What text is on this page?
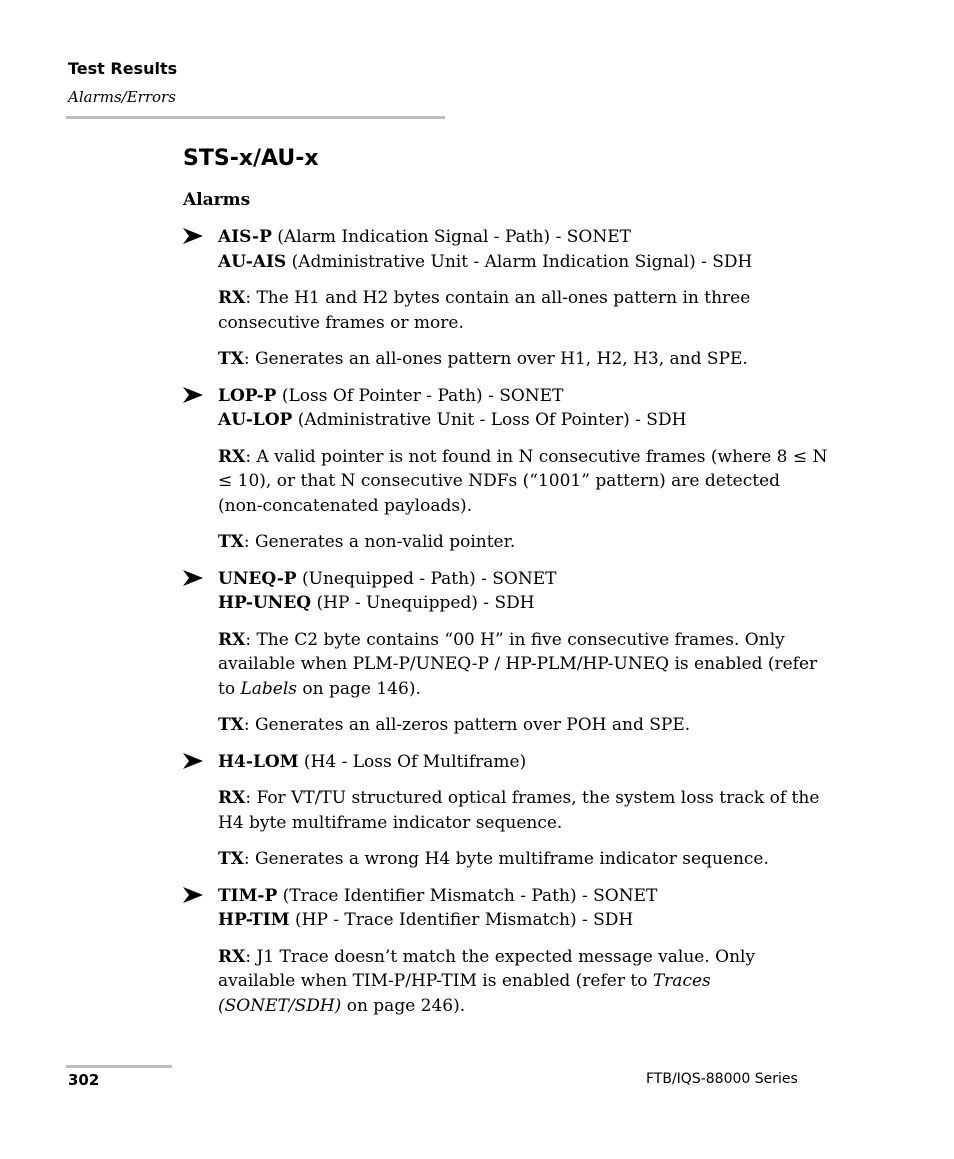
Test Results
Alarms/Errors
STS-x/AU-x
Alarms
AIS-P (Alarm Indication Signal - Path) - SONET
AU-AIS (Administrative Unit - Alarm Indication Signal) - SDH
RX: The H1 and H2 bytes contain an all-ones pattern in three consecutive frames or more.
TX: Generates an all-ones pattern over H1, H2, H3, and SPE.
LOP-P (Loss Of Pointer - Path) - SONET
AU-LOP (Administrative Unit - Loss Of Pointer) - SDH
RX: A valid pointer is not found in N consecutive frames (where 8 ≤ N ≤ 10), or that N consecutive NDFs (“1001” pattern) are detected (non-concatenated payloads).
TX: Generates a non-valid pointer.
UNEQ-P (Unequipped - Path) - SONET
HP-UNEQ (HP - Unequipped) - SDH
RX: The C2 byte contains “00 H” in five consecutive frames. Only available when PLM-P/UNEQ-P / HP-PLM/HP-UNEQ is enabled (refer to Labels on page 146).
TX: Generates an all-zeros pattern over POH and SPE.
H4-LOM (H4 - Loss Of Multiframe)
RX: For VT/TU structured optical frames, the system loss track of the H4 byte multiframe indicator sequence.
TX: Generates a wrong H4 byte multiframe indicator sequence.
TIM-P (Trace Identifier Mismatch - Path) - SONET
HP-TIM (HP - Trace Identifier Mismatch) - SDH
RX: J1 Trace doesn’t match the expected message value. Only available when TIM-P/HP-TIM is enabled (refer to Traces (SONET/SDH) on page 246).
302	FTB/IQS-88000 Series
